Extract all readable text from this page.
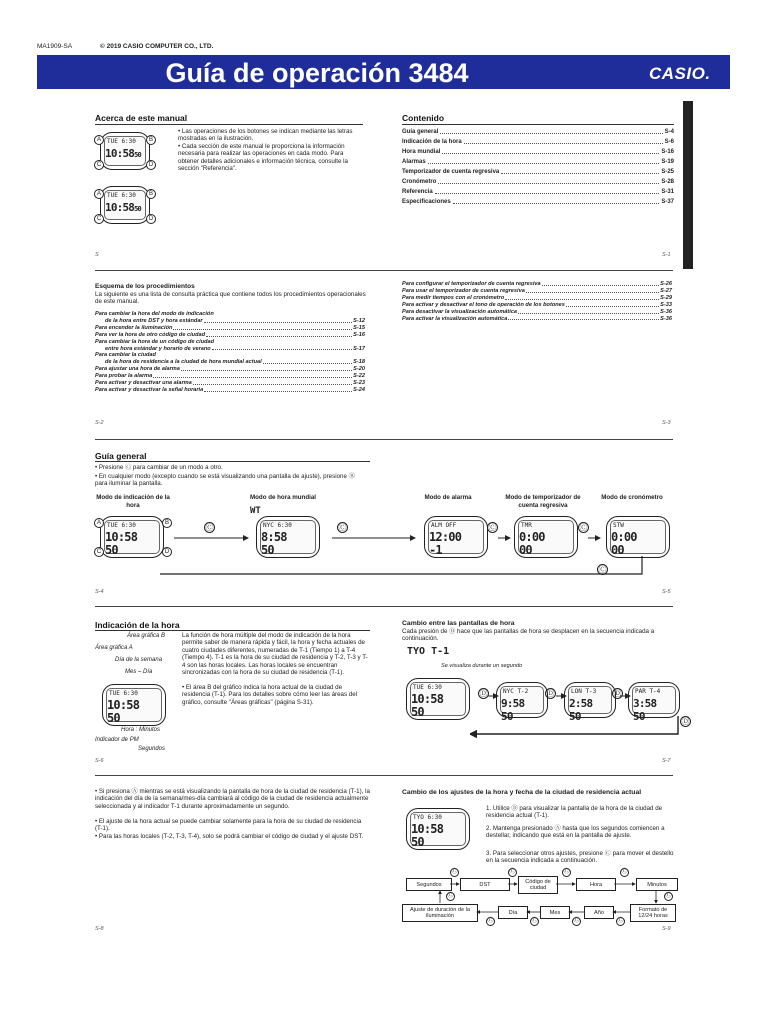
MA1909-SA	© 2019 CASIO COMPUTER CO., LTD.
Guía de operación 3484	CASIO.
Acerca de este manual
TUE 6:30
10:5850
A	B
C	D
TUE 6:30
10:5850
A	B
C	D
• Las operaciones de los botones se indican mediante las letras mostradas en la ilustración.
• Cada sección de este manual le proporciona la información necesaria para realizar las operaciones en cada modo. Para obtener detalles adicionales e información técnica, consulte la sección "Referencia".
S
Contenido
Guía general	S-4
Indicación de la hora	S-6
Hora mundial	S-16
Alarmas	S-19
Temporizador de cuenta regresiva	S-25
Cronómetro	S-28
Referencia	S-31
Especificaciones	S-37
S-1
Esquema de los procedimientos
La siguiente es una lista de consulta práctica que contiene todos los procedimientos operacionales de este manual.
Para cambiar la hora del modo de indicación
de la hora entre DST y hora estándar	S-12
Para encender la iluminación	S-15
Para ver la hora de otro código de ciudad	S-16
Para cambiar la hora de un código de ciudad
entre hora estándar y horario de verano	S-17
Para cambiar la ciudad
de la hora de residencia a la ciudad de hora mundial actual	S-18
Para ajustar una hora de alarma	S-20
Para probar la alarma	S-22
Para activar y desactivar una alarma	S-23
Para activar y desactivar la señal horaria	S-24
Para configurar el temporizador de cuenta regresiva	S-26
Para usar el temporizador de cuenta regresiva	S-27
Para medir tiempos con el cronómetro	S-29
Para activar y desactivar el tono de operación de los botones	S-33
Para desactivar la visualización automática	S-36
Para activar la visualización automática	S-36
S-2	S-3
Guía general
• Presione Ⓒ para cambiar de un modo a otro.
• En cualquier modo (excepto cuando se está visualizando una pantalla de ajuste), presione Ⓑ para iluminar la pantalla.
Modo de indicación de la hora
Modo de hora mundial	Modo de alarma	Modo de temporizador de cuenta regresiva
Modo de cronómetro
WT
TUE 6:30
10:58 50
A	B
C	D
NYC 6:30
8:58 50
ALM OFF
12:00 -1
TMR
0:00 00
STW
0:00 00
Ⓒ	Ⓒ	Ⓒ	Ⓒ
Ⓒ
S-4	S-5
Indicación de la hora
Área gráfica B
Área gráfica A
Día de la semana
Mes – Día
TUE 6:30
10:58 50
Hora : Minutos
Indicador de PM
Segundos
La función de hora múltiple del modo de indicación de la hora permite saber de manera rápida y fácil, la hora y fecha actuales de cuatro ciudades diferentes, numeradas de T-1 (Tiempo 1) a T-4 (Tiempo 4). T-1 es la hora de su ciudad de residencia y T-2, T-3 y T-4 son las horas locales. Las horas locales se encuentran sincronizadas con la hora de su ciudad de residencia (T-1).
• El área B del gráfico indica la hora actual de la ciudad de residencia (T-1). Para los detalles sobre cómo leer las áreas del gráfico, consulte "Áreas gráficas" (página S-31).
S-6
Cambio entre las pantallas de hora
Cada presión de Ⓓ hace que las pantallas de hora se desplacen en la secuencia indicada a continuación.
TYO T-1
Se visualiza durante un segundo
TUE 6:30
10:58 50
NYC T-2
9:58 50
LON T-3
2:58 50
PAR T-4
3:58 50
Ⓓ	Ⓓ	Ⓓ
Ⓓ
S-7
• Si presiona Ⓐ mientras se está visualizando la pantalla de hora de la ciudad de residencia (T-1), la indicación del día de la semana/mes-día cambiará al código de la ciudad de residencia actualmente seleccionada y al indicador T-1 durante aproximadamente un segundo.
• El ajuste de la hora actual se puede cambiar solamente para la hora de su ciudad de residencia (T-1).
• Para las horas locales (T-2, T-3, T-4), solo se podrá cambiar el código de ciudad y el ajuste DST.
S-8
Cambio de los ajustes de la hora y fecha de la ciudad de residencia actual
TYO 6:30
10:58 50
1. Utilice Ⓓ para visualizar la pantalla de la hora de la ciudad de residencia actual (T-1).
2. Mantenga presionado Ⓐ hasta que los segundos comiencen a destellar, indicando que está en la pantalla de ajuste.
3. Para seleccionar otros ajustes, presione Ⓒ para mover el destello en la secuencia indicada a continuación.
Segundos	DST	Código de ciudad
Hora	Minutos
Ajuste de duración de la iluminación
Día	Mes	Año	Formato de 12/24 horas
Ⓒ	Ⓒ	Ⓒ	Ⓒ
Ⓒ
Ⓒ
Ⓒ
Ⓒ
Ⓒ
Ⓒ
S-9
